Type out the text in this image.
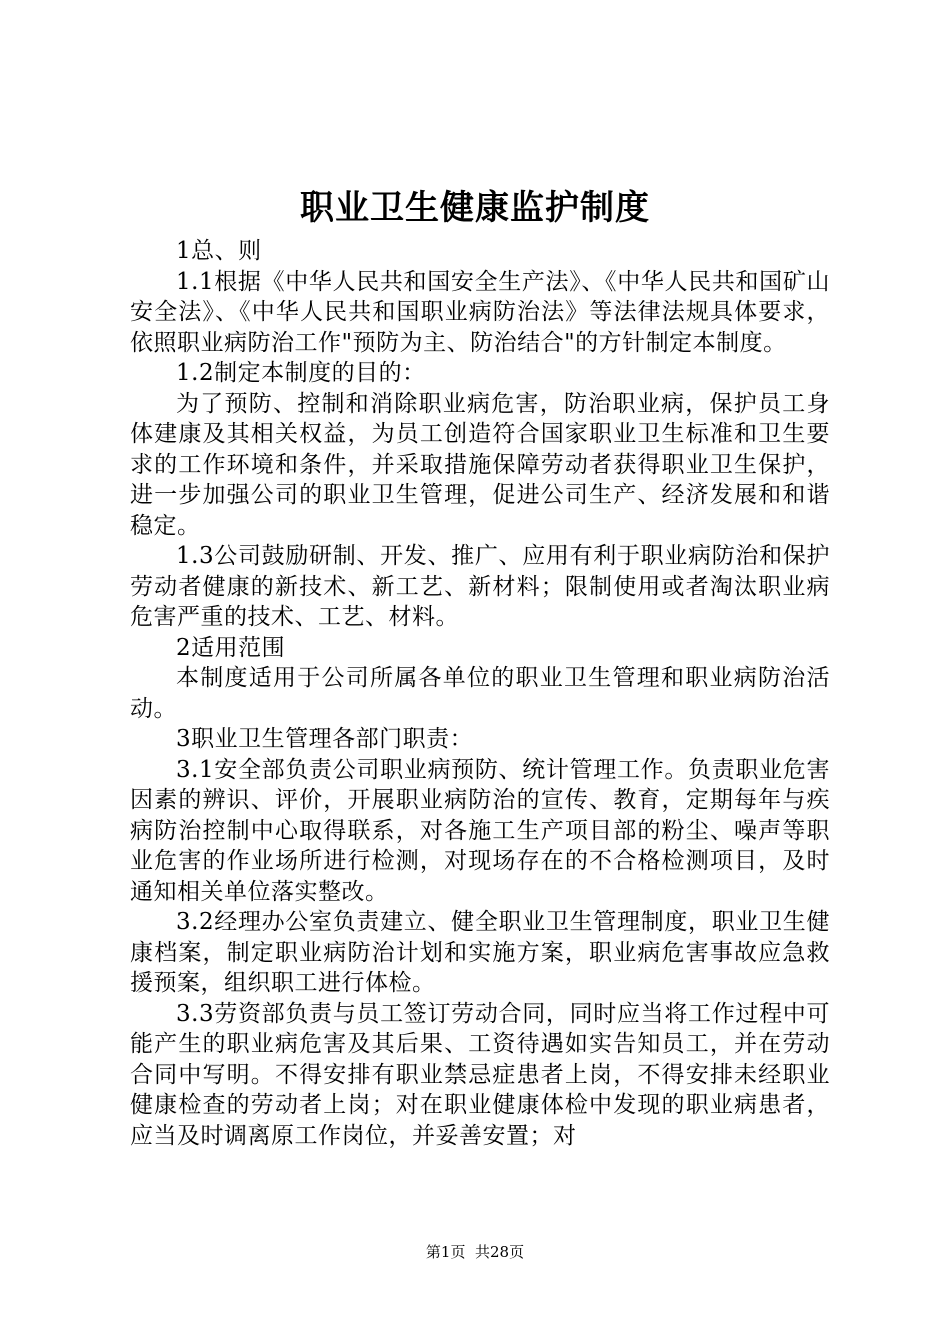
职业卫生健康监护制度

1总、则

1.1根据《中华人民共和国安全生产法》、《中华人民共和国矿山安全法》、《中华人民共和国职业病防治法》等法律法规具体要求，依照职业病防治工作"预防为主、防治结合"的方针制定本制度。

1.2制定本制度的目的：

为了预防、控制和消除职业病危害，防治职业病，保护员工身体建康及其相关权益，为员工创造符合国家职业卫生标准和卫生要求的工作环境和条件，并采取措施保障劳动者获得职业卫生保护，进一步加强公司的职业卫生管理，促进公司生产、经济发展和和谐稳定。

1.3公司鼓励研制、开发、推广、应用有利于职业病防治和保护劳动者健康的新技术、新工艺、新材料；限制使用或者淘汰职业病危害严重的技术、工艺、材料。

2适用范围

本制度适用于公司所属各单位的职业卫生管理和职业病防治活动。

3职业卫生管理各部门职责：

3.1安全部负责公司职业病预防、统计管理工作。负责职业危害因素的辨识、评价，开展职业病防治的宣传、教育，定期每年与疾病防治控制中心取得联系，对各施工生产项目部的粉尘、噪声等职业危害的作业场所进行检测，对现场存在的不合格检测项目，及时通知相关单位落实整改。

3.2经理办公室负责建立、健全职业卫生管理制度，职业卫生健康档案，制定职业病防治计划和实施方案，职业病危害事故应急救援预案，组织职工进行体检。

3.3劳资部负责与员工签订劳动合同，同时应当将工作过程中可能产生的职业病危害及其后果、工资待遇如实告知员工，并在劳动合同中写明。不得安排有职业禁忌症患者上岗，不得安排未经职业健康检查的劳动者上岗；对在职业健康体检中发现的职业病患者，应当及时调离原工作岗位，并妥善安置；对

第1页  共28页
